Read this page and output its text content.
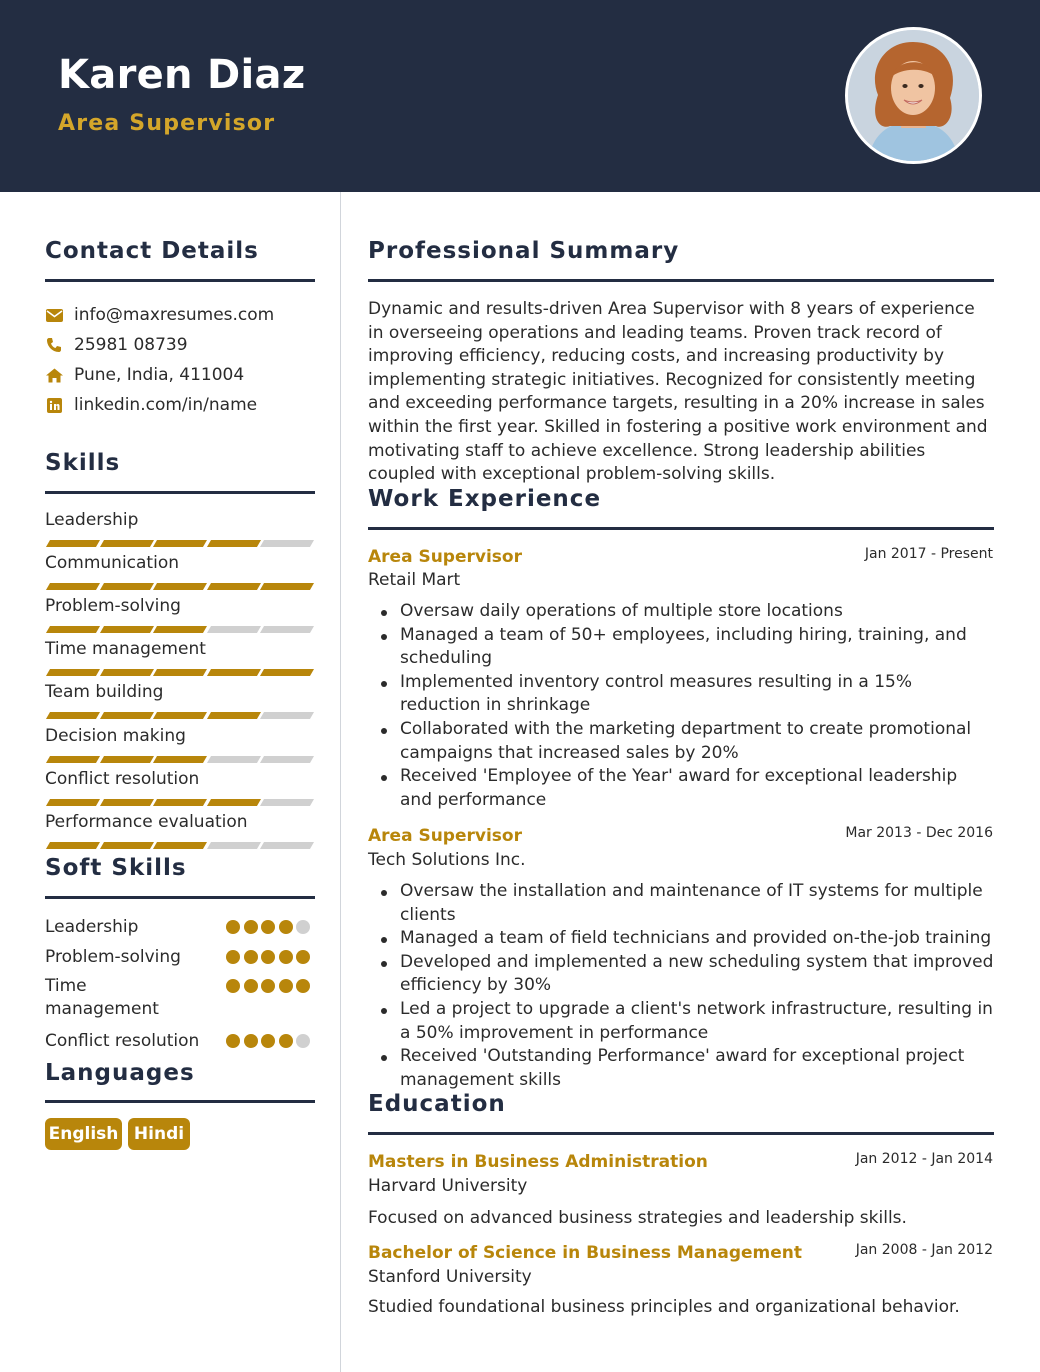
Karen Diaz
Area Supervisor
Contact Details
info@maxresumes.com
25981 08739
Pune, India, 411004
linkedin.com/in/name
Skills
Leadership
Communication
Problem-solving
Time management
Team building
Decision making
Conflict resolution
Performance evaluation
Soft Skills
Leadership
Problem-solving
Time management
Conflict resolution
Languages
English Hindi
Professional Summary
Dynamic and results-driven Area Supervisor with 8 years of experience in overseeing operations and leading teams. Proven track record of improving efficiency, reducing costs, and increasing productivity by implementing strategic initiatives. Recognized for consistently meeting and exceeding performance targets, resulting in a 20% increase in sales within the first year. Skilled in fostering a positive work environment and motivating staff to achieve excellence. Strong leadership abilities coupled with exceptional problem-solving skills.
Work Experience
Area Supervisor	Jan 2017 - Present
Retail Mart
Oversaw daily operations of multiple store locations
Managed a team of 50+ employees, including hiring, training, and scheduling
Implemented inventory control measures resulting in a 15% reduction in shrinkage
Collaborated with the marketing department to create promotional campaigns that increased sales by 20%
Received 'Employee of the Year' award for exceptional leadership and performance
Area Supervisor	Mar 2013 - Dec 2016
Tech Solutions Inc.
Oversaw the installation and maintenance of IT systems for multiple clients
Managed a team of field technicians and provided on-the-job training
Developed and implemented a new scheduling system that improved efficiency by 30%
Led a project to upgrade a client's network infrastructure, resulting in a 50% improvement in performance
Received 'Outstanding Performance' award for exceptional project management skills
Education
Masters in Business Administration	Jan 2012 - Jan 2014
Harvard University
Focused on advanced business strategies and leadership skills.
Bachelor of Science in Business Management	Jan 2008 - Jan 2012
Stanford University
Studied foundational business principles and organizational behavior.
